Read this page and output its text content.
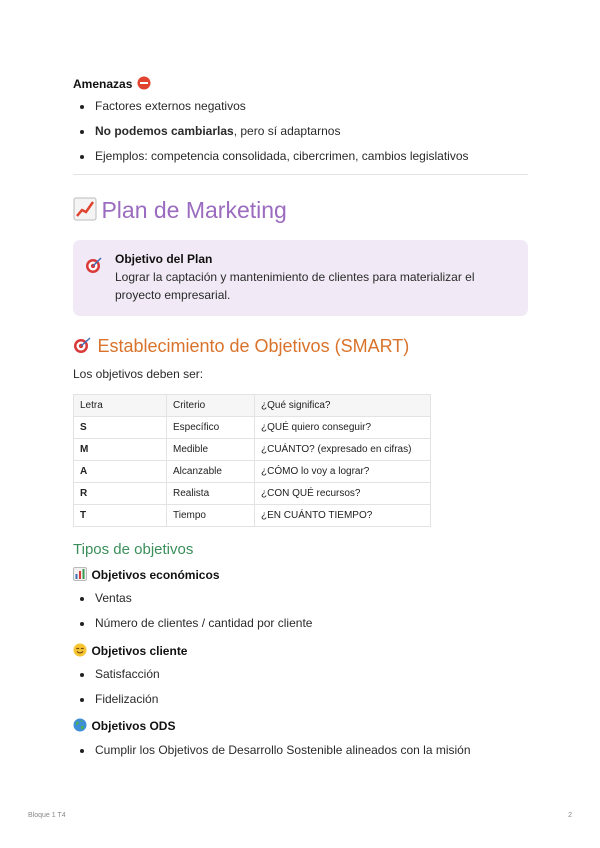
Amenazas
Factores externos negativos
No podemos cambiarlas, pero sí adaptarnos
Ejemplos: competencia consolidada, cibercrimen, cambios legislativos
Plan de Marketing
Objetivo del Plan
Lograr la captación y mantenimiento de clientes para materializar el proyecto empresarial.
Establecimiento de Objetivos (SMART)
Los objetivos deben ser:
Letra	Criterio	¿Qué significa?
S	Específico	¿QUÉ quiero conseguir?
M	Medible	¿CUÁNTO? (expresado en cifras)
A	Alcanzable	¿CÓMO lo voy a lograr?
R	Realista	¿CON QUÉ recursos?
T	Tiempo	¿EN CUÁNTO TIEMPO?
Tipos de objetivos
Objetivos económicos
Ventas
Número de clientes / cantidad por cliente
Objetivos cliente
Satisfacción
Fidelización
Objetivos ODS
Cumplir los Objetivos de Desarrollo Sostenible alineados con la misión
Bloque 1 T4	2
